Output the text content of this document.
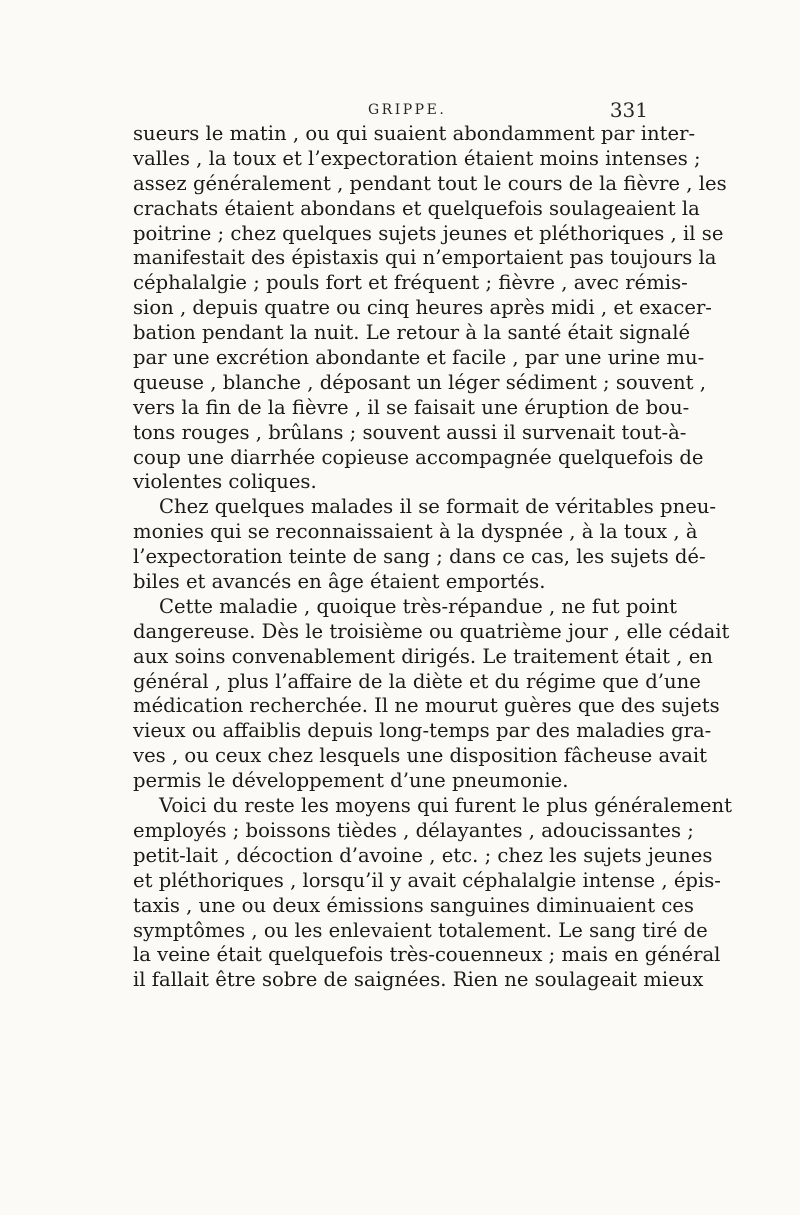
GRIPPE.	331
sueurs le matin , ou qui suaient abondamment par inter-
valles , la toux et l’expectoration étaient moins intenses ;
assez généralement , pendant tout le cours de la fièvre , les
crachats étaient abondans et quelquefois soulageaient la
poitrine ; chez quelques sujets jeunes et pléthoriques , il se
manifestait des épistaxis qui n’emportaient pas toujours la
céphalalgie ; pouls fort et fréquent ; fièvre , avec rémis-
sion , depuis quatre ou cinq heures après midi , et exacer-
bation pendant la nuit. Le retour à la santé était signalé
par une excrétion abondante et facile , par une urine mu-
queuse , blanche , déposant un léger sédiment ; souvent ,
vers la fin de la fièvre , il se faisait une éruption de bou-
tons rouges , brûlans ; souvent aussi il survenait tout-à-
coup une diarrhée copieuse accompagnée quelquefois de
violentes coliques.
Chez quelques malades il se formait de véritables pneu-
monies qui se reconnaissaient à la dyspnée , à la toux , à
l’expectoration teinte de sang ; dans ce cas, les sujets dé-
biles et avancés en âge étaient emportés.
Cette maladie , quoique très-répandue , ne fut point
dangereuse. Dès le troisième ou quatrième jour , elle cédait
aux soins convenablement dirigés. Le traitement était , en
général , plus l’affaire de la diète et du régime que d’une
médication recherchée. Il ne mourut guères que des sujets
vieux ou affaiblis depuis long-temps par des maladies gra-
ves , ou ceux chez lesquels une disposition fâcheuse avait
permis le développement d’une pneumonie.
Voici du reste les moyens qui furent le plus généralement
employés ; boissons tièdes , délayantes , adoucissantes ;
petit-lait , décoction d’avoine , etc. ; chez les sujets jeunes
et pléthoriques , lorsqu’il y avait céphalalgie intense , épis-
taxis , une ou deux émissions sanguines diminuaient ces
symptômes , ou les enlevaient totalement. Le sang tiré de
la veine était quelquefois très-couenneux ; mais en général
il fallait être sobre de saignées. Rien ne soulageait mieux
